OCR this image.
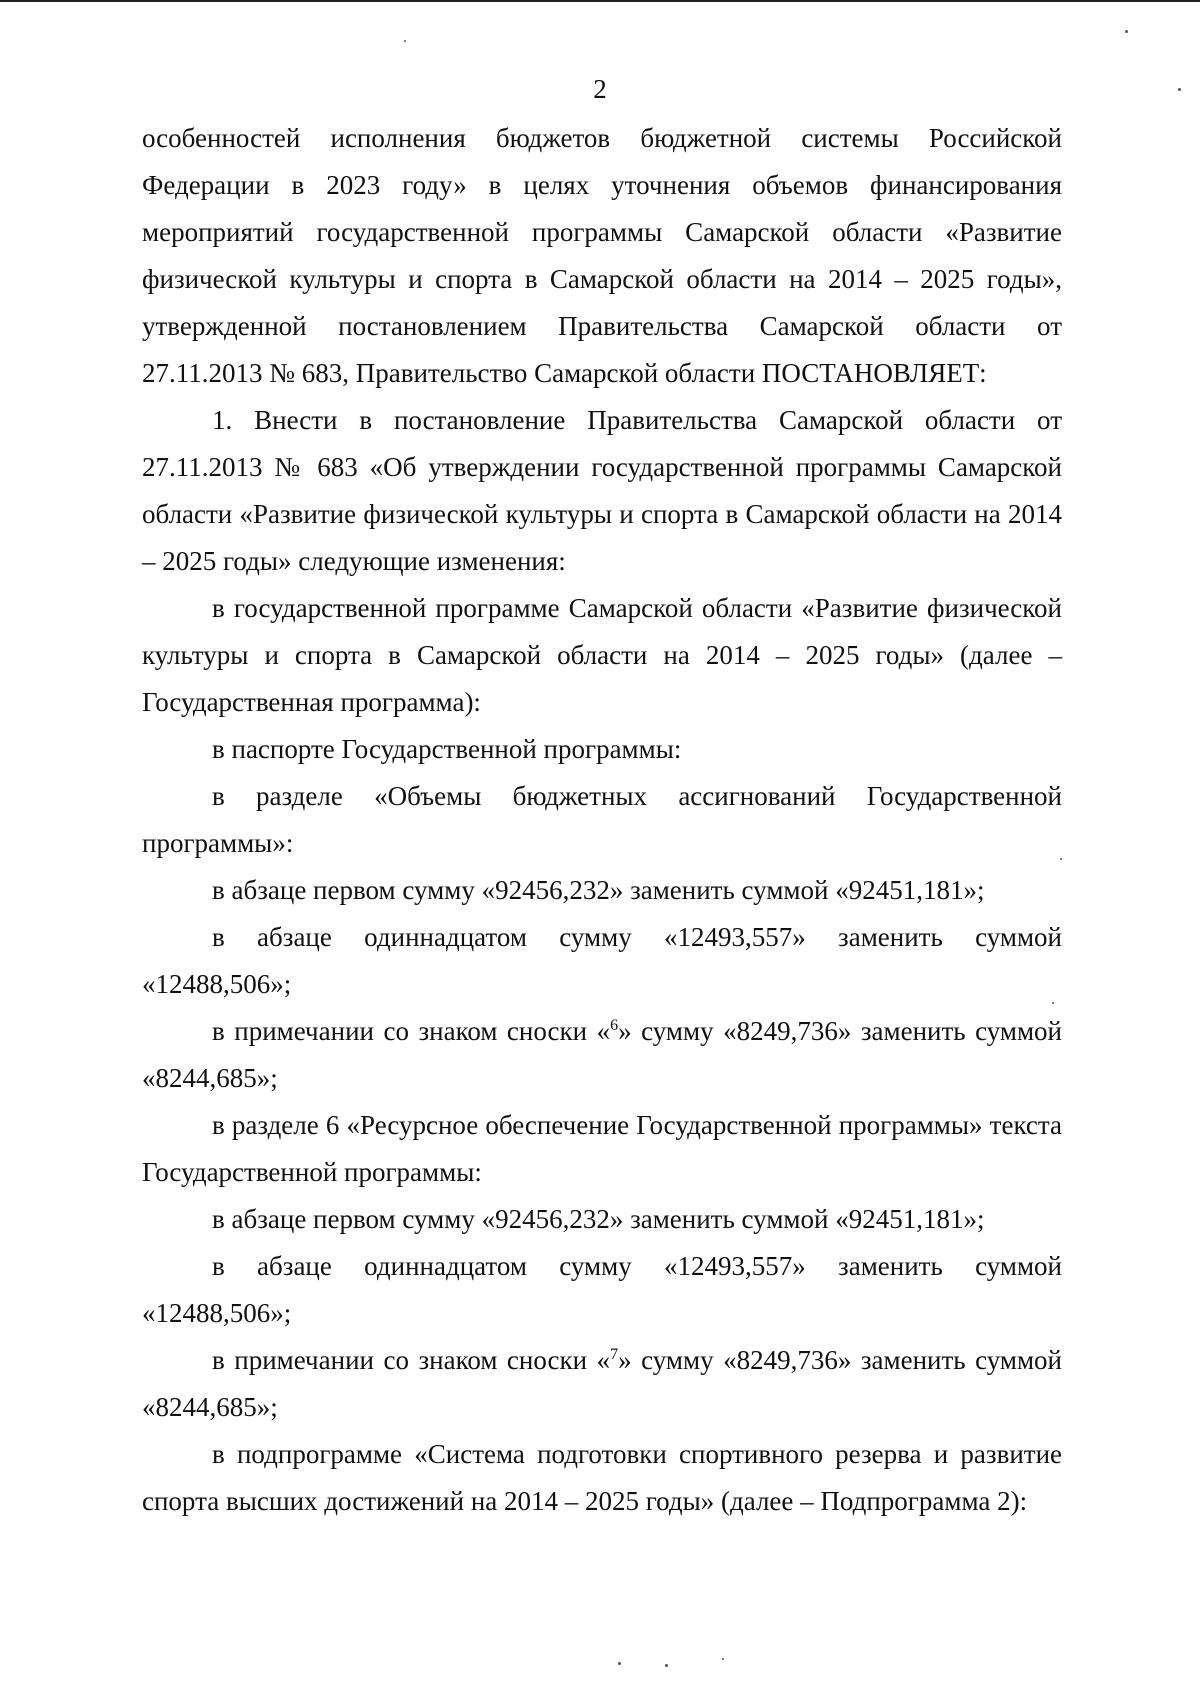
2

особенностей исполнения бюджетов бюджетной системы Российской Федерации в 2023 году» в целях уточнения объемов финансирования мероприятий государственной программы Самарской области «Развитие физической культуры и спорта в Самарской области на 2014 – 2025 годы», утвержденной постановлением Правительства Самарской области от 27.11.2013 № 683, Правительство Самарской области ПОСТАНОВЛЯЕТ:

1. Внести в постановление Правительства Самарской области от 27.11.2013 № 683 «Об утверждении государственной программы Самарской области «Развитие физической культуры и спорта в Самарской области на 2014 – 2025 годы» следующие изменения:

в государственной программе Самарской области «Развитие физической культуры и спорта в Самарской области на 2014 – 2025 годы» (далее – Государственная программа):

в паспорте Государственной программы:

в разделе «Объемы бюджетных ассигнований Государственной программы»:

в абзаце первом сумму «92456,232» заменить суммой «92451,181»;

в абзаце одиннадцатом сумму «12493,557» заменить суммой «12488,506»;

в примечании со знаком сноски «$^6$» сумму «8249,736» заменить суммой «8244,685»;

в разделе 6 «Ресурсное обеспечение Государственной программы» текста Государственной программы:

в абзаце первом сумму «92456,232» заменить суммой «92451,181»;

в абзаце одиннадцатом сумму «12493,557» заменить суммой «12488,506»;

в примечании со знаком сноски «$^7$» сумму «8249,736» заменить суммой «8244,685»;

в подпрограмме «Система подготовки спортивного резерва и развитие спорта высших достижений на 2014 – 2025 годы» (далее – Подпрограмма 2):
